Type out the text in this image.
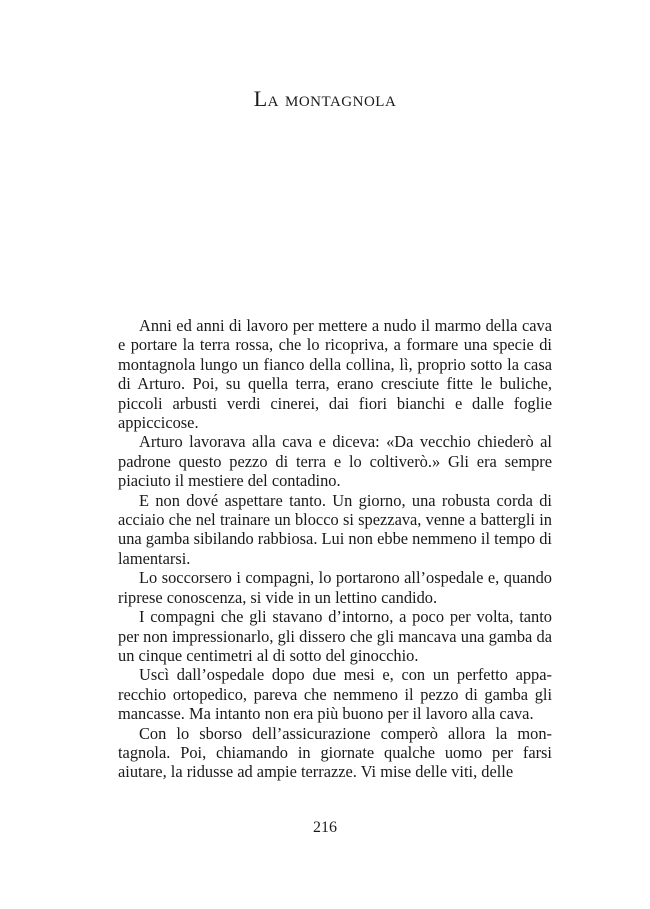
La montagnola

Anni ed anni di lavoro per mettere a nudo il marmo della cava e portare la terra rossa, che lo ricopriva, a formare una specie di montagnola lungo un fianco della collina, lì, proprio sotto la casa di Arturo. Poi, su quella terra, erano cresciute fitte le buliche, piccoli arbusti verdi cinerei, dai fiori bianchi e dalle foglie appiccicose.

Arturo lavorava alla cava e diceva: «Da vecchio chiederò al padrone questo pezzo di terra e lo coltiverò.» Gli era sempre piaciuto il mestiere del contadino.

E non dové aspettare tanto. Un giorno, una robusta corda di acciaio che nel trainare un blocco si spezzava, venne a battergli in una gamba sibilando rabbiosa. Lui non ebbe nemmeno il tempo di lamentarsi.

Lo soccorsero i compagni, lo portarono all’ospedale e, quando riprese conoscenza, si vide in un lettino candido.

I compagni che gli stavano d’intorno, a poco per volta, tanto per non impressionarlo, gli dissero che gli mancava una gamba da un cinque centimetri al di sotto del ginocchio.

Uscì dall’ospedale dopo due mesi e, con un perfetto apparecchio ortopedico, pareva che nemmeno il pezzo di gamba gli mancasse. Ma intanto non era più buono per il lavoro alla cava.

Con lo sborso dell’assicurazione comperò allora la montagnola. Poi, chiamando in giornate qualche uomo per farsi aiutare, la ridusse ad ampie terrazze. Vi mise delle viti, delle

216
